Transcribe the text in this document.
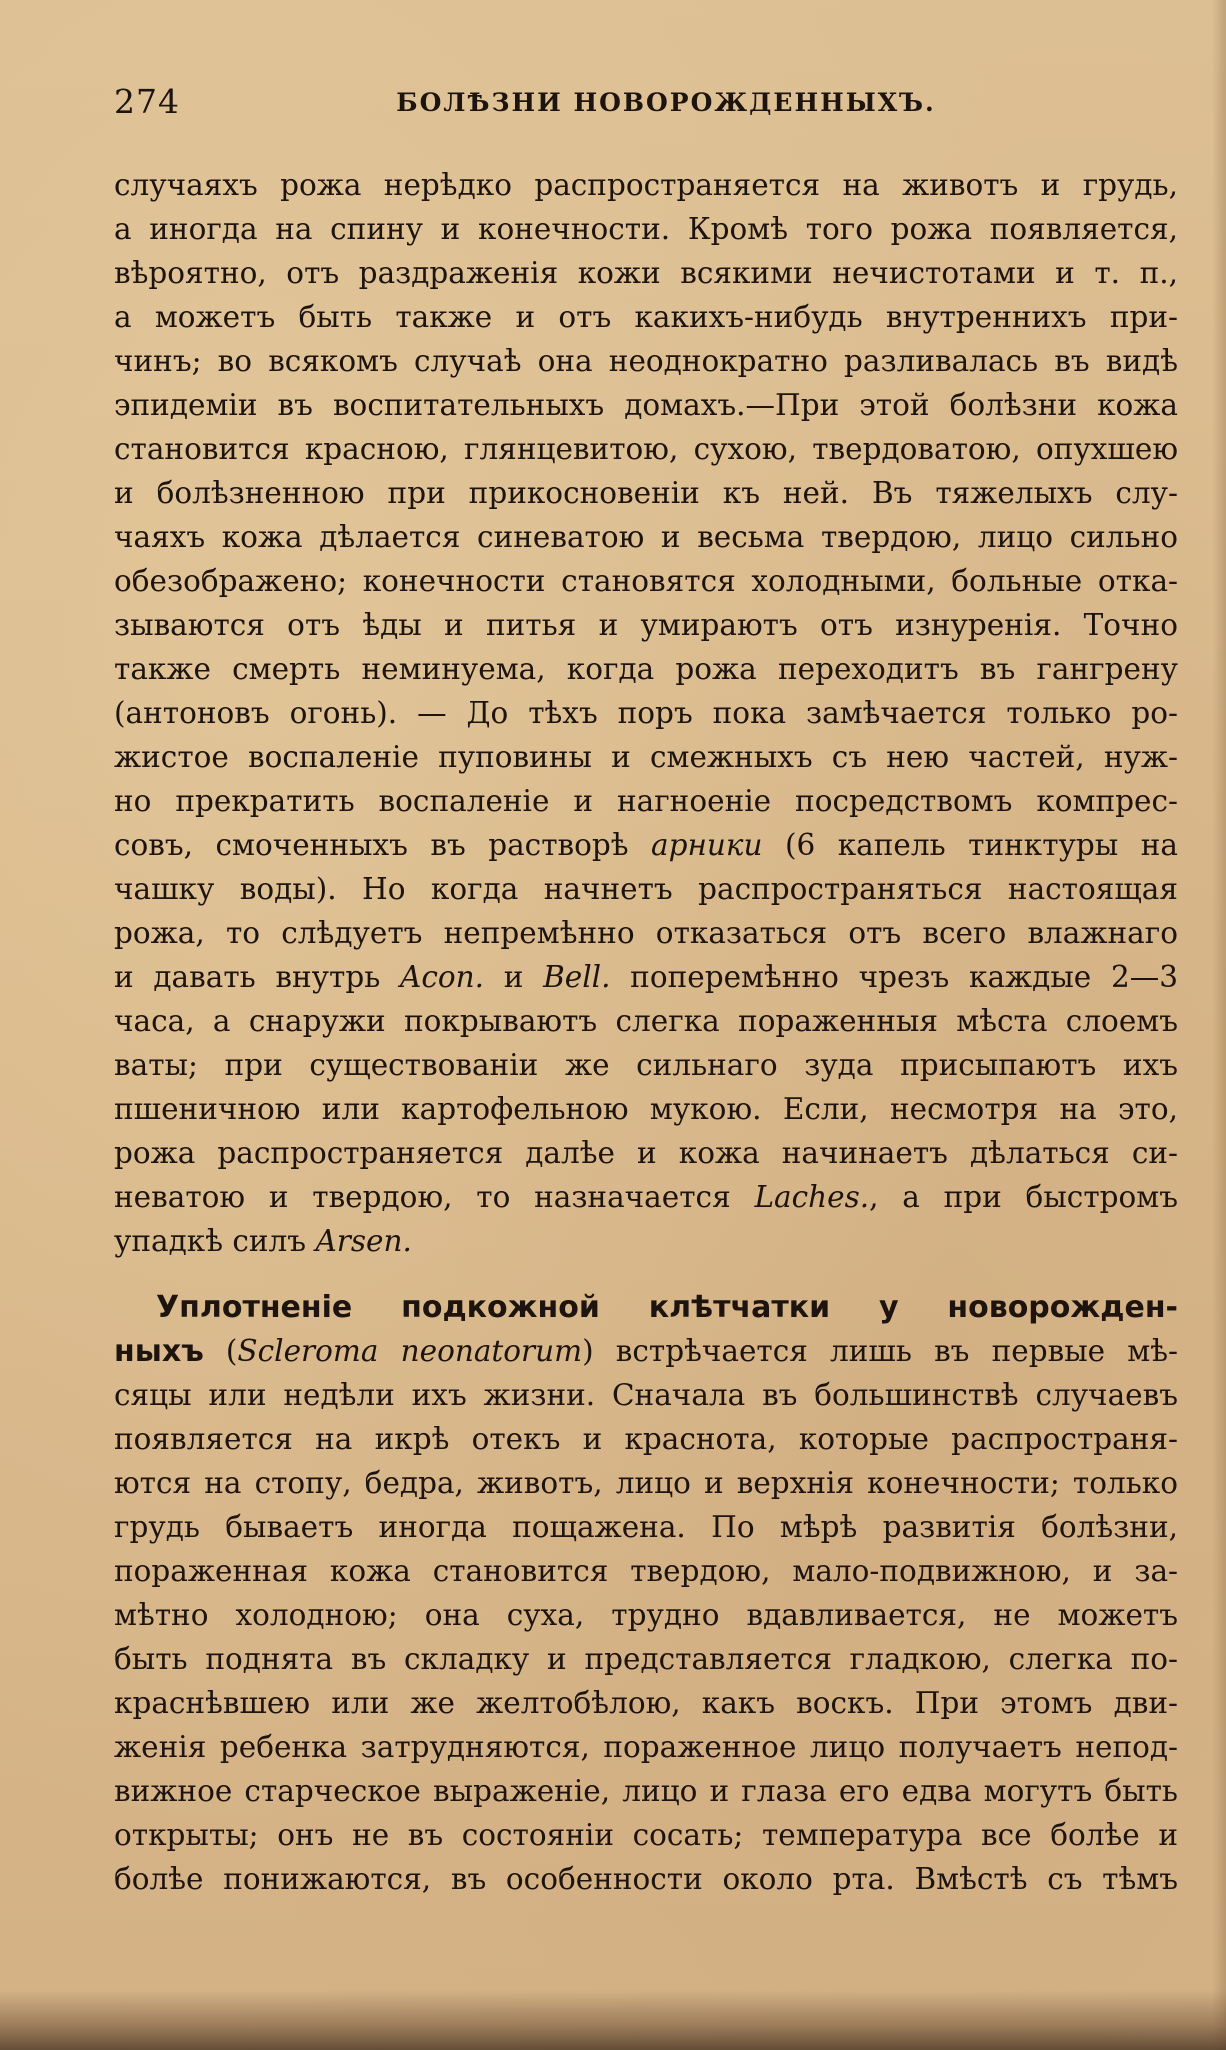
274	БОЛѢЗНИ НОВОРОЖДЕННЫХЪ.
случаяхъ рожа нерѣдко распространяется на животъ и грудь,
а иногда на спину и конечности. Кромѣ того рожа появляется,
вѣроятно, отъ раздраженія кожи всякими нечистотами и т. п.,
а можетъ быть также и отъ какихъ-нибудь внутреннихъ при-
чинъ; во всякомъ случаѣ она неоднократно разливалась въ видѣ
эпидеміи въ воспитательныхъ домахъ.—При этой болѣзни кожа
становится красною, глянцевитою, сухою, твердоватою, опухшею
и болѣзненною при прикосновеніи къ ней. Въ тяжелыхъ слу-
чаяхъ кожа дѣлается синеватою и весьма твердою, лицо сильно
обезображено; конечности становятся холодными, больные отка-
зываются отъ ѣды и питья и умираютъ отъ изнуренія. Точно
также смерть неминуема, когда рожа переходитъ въ гангрену
(антоновъ огонь). — До тѣхъ поръ пока замѣчается только ро-
жистое воспаленіе пуповины и смежныхъ съ нею частей, нуж-
но прекратить воспаленіе и нагноеніе посредствомъ компрес-
совъ, смоченныхъ въ растворѣ арники (6 капель тинктуры на
чашку воды). Но когда начнетъ распространяться настоящая
рожа, то слѣдуетъ непремѣнно отказаться отъ всего влажнаго
и давать внутрь Acon. и Bell. поперемѣнно чрезъ каждые 2—3
часа, а снаружи покрываютъ слегка пораженныя мѣста слоемъ
ваты; при существованіи же сильнаго зуда присыпаютъ ихъ
пшеничною или картофельною мукою. Если, несмотря на это,
рожа распространяется далѣе и кожа начинаетъ дѣлаться си-
неватою и твердою, то назначается Laches., а при быстромъ
упадкѣ силъ Arsen.
Уплотненіе подкожной клѣтчатки у новорожден-
ныхъ (Scleroma neonatorum) встрѣчается лишь въ первые мѣ-
сяцы или недѣли ихъ жизни. Сначала въ большинствѣ случаевъ
появляется на икрѣ отекъ и краснота, которые распространя-
ются на стопу, бедра, животъ, лицо и верхнія конечности; только
грудь бываетъ иногда пощажена. По мѣрѣ развитія болѣзни,
пораженная кожа становится твердою, мало-подвижною, и за-
мѣтно холодною; она суха, трудно вдавливается, не можетъ
быть поднята въ складку и представляется гладкою, слегка по-
краснѣвшею или же желтобѣлою, какъ воскъ. При этомъ дви-
женія ребенка затрудняются, пораженное лицо получаетъ непод-
вижное старческое выраженіе, лицо и глаза его едва могутъ быть
открыты; онъ не въ состояніи сосать; температура все болѣе и
болѣе понижаются, въ особенности около рта. Вмѣстѣ съ тѣмъ
